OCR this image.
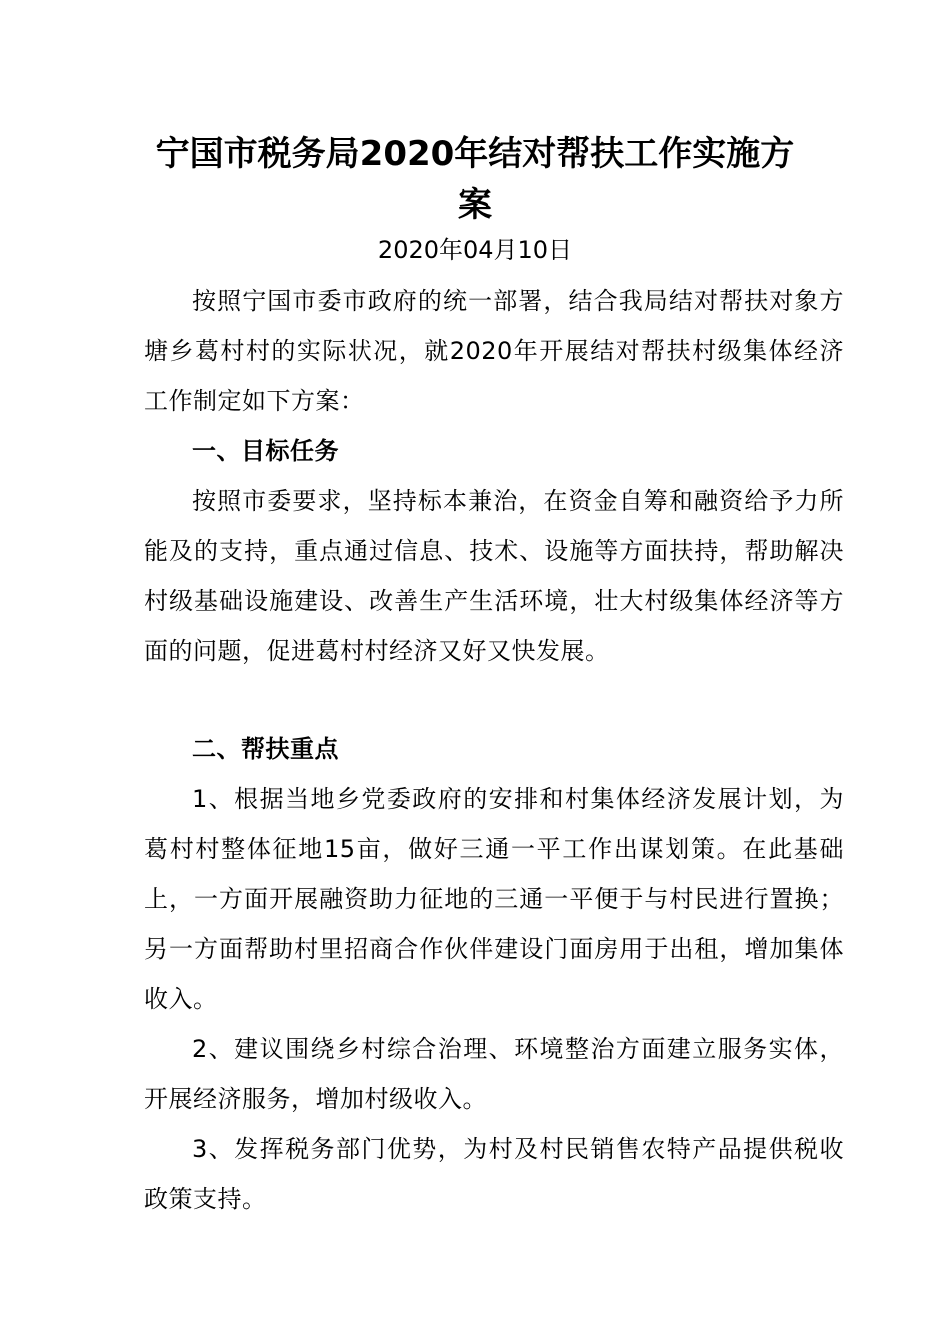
宁国市税务局2020年结对帮扶工作实施方
案
2020年04月10日
按照宁国市委市政府的统一部署，结合我局结对帮扶对象方塘乡葛村村的实际状况，就2020年开展结对帮扶村级集体经济工作制定如下方案：
一、目标任务
按照市委要求，坚持标本兼治，在资金自筹和融资给予力所能及的支持，重点通过信息、技术、设施等方面扶持，帮助解决村级基础设施建设、改善生产生活环境，壮大村级集体经济等方面的问题，促进葛村村经济又好又快发展。
二、帮扶重点
1、根据当地乡党委政府的安排和村集体经济发展计划，为葛村村整体征地15亩，做好三通一平工作出谋划策。在此基础上，一方面开展融资助力征地的三通一平便于与村民进行置换；另一方面帮助村里招商合作伙伴建设门面房用于出租，增加集体收入。
2、建议围绕乡村综合治理、环境整治方面建立服务实体，开展经济服务，增加村级收入。
3、发挥税务部门优势，为村及村民销售农特产品提供税收政策支持。
